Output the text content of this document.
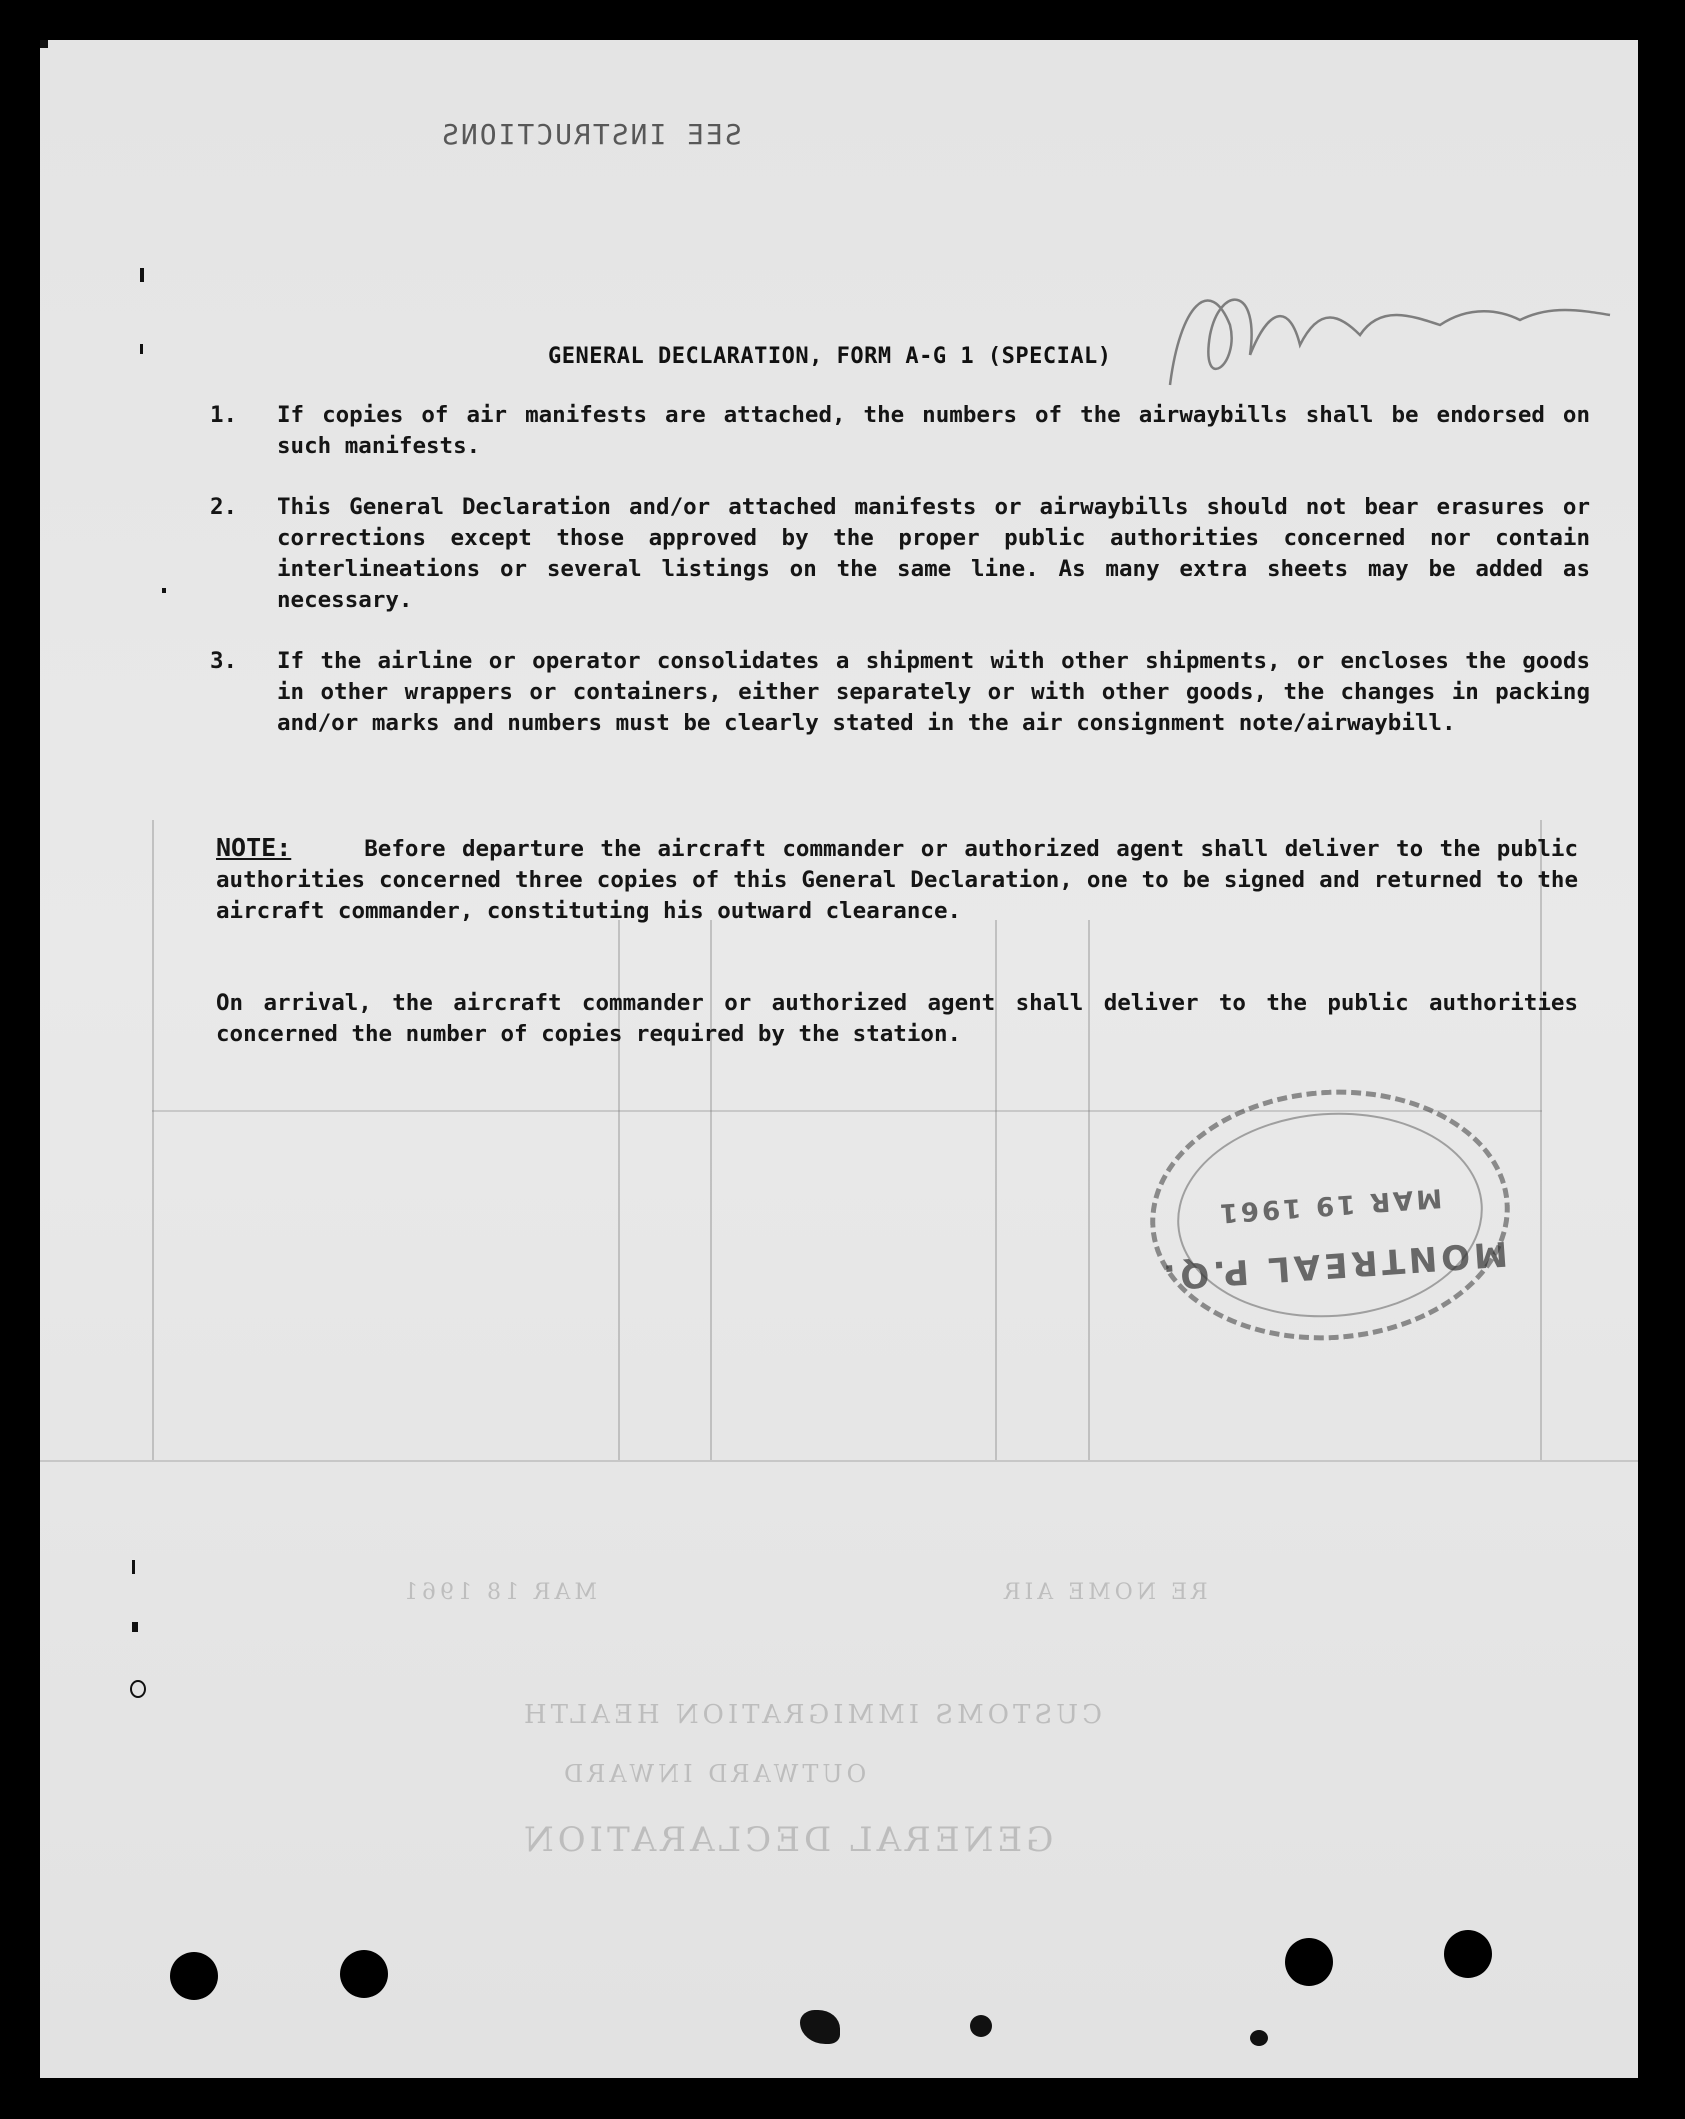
GENERAL DECLARATION
OUTWARD INWARD
CUSTOMS IMMIGRATION HEALTH
MAR 18 1961	RE NOME AIR
SEE INSTRUCTIONS
GENERAL DECLARATION, FORM A-G 1 (SPECIAL)
1. If copies of air manifests are attached, the numbers of the airwaybills shall be endorsed on such manifests.
2. This General Declaration and/or attached manifests or airwaybills should not bear erasures or corrections except those approved by the proper public authorities concerned nor contain interlineations or several listings on the same line. As many extra sheets may be added as necessary.
3. If the airline or operator consolidates a shipment with other shipments, or encloses the goods in other wrappers or containers, either separately or with other goods, the changes in packing and/or marks and numbers must be clearly stated in the air consignment note/airwaybill.
NOTE:	Before departure the aircraft commander or authorized agent shall deliver to the public authorities concerned three copies of this General Declaration, one to be signed and returned to the aircraft commander, constituting his outward clearance.
On arrival, the aircraft commander or authorized agent shall deliver to the public authorities concerned the number of copies required by the station.
MONTREAL P.Q.
MAR 19 1961
